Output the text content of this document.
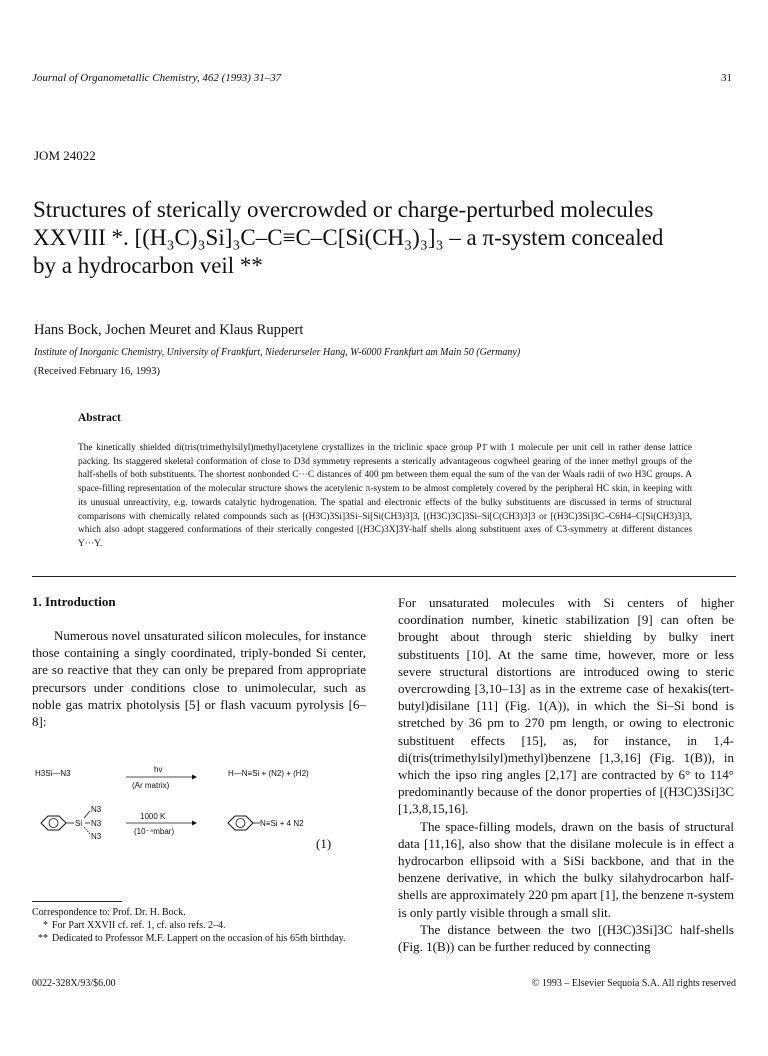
Journal of Organometallic Chemistry, 462 (1993) 31–37	31
JOM 24022
Structures of sterically overcrowded or charge-perturbed molecules
XXVIII *. [(H₃C)₃Si]₃C–C≡C–C[Si(CH₃)₃]₃ – a π-system concealed
by a hydrocarbon veil **
Hans Bock, Jochen Meuret and Klaus Ruppert
Institute of Inorganic Chemistry, University of Frankfurt, Niederurseler Hang, W-6000 Frankfurt am Main 50 (Germany)
(Received February 16, 1993)
Abstract
The kinetically shielded di(tris(trimethylsilyl)methyl)acetylene crystallizes in the triclinic space group P1̄ with 1 molecule per unit cell in rather dense lattice packing. Its staggered skeletal conformation of close to D3d symmetry represents a sterically advantageous cogwheel gearing of the inner methyl groups of the half-shells of both substituents. The shortest nonbonded C···C distances of 400 pm between them equal the sum of the van der Waals radii of two H3C groups. A space-filling representation of the molecular structure shows the acetylenic π-system to be almost completely covered by the peripheral HC skin, in keeping with its unusual unreactivity, e.g. towards catalytic hydrogenation. The spatial and electronic effects of the bulky substituents are discussed in terms of structural comparisons with chemically related compounds such as [(H3C)3Si]3Si–Si[Si(CH3)3]3, [(H3C)3C]3Si–Si[C(CH3)3]3 or [(H3C)3Si]3C–C6H4–C[Si(CH3)3]3, which also adopt staggered conformations of their sterically congested [(H3C)3X]3Y-half shells along substituent axes of C3-symmetry at different distances Y···Y.
1. Introduction

Numerous novel unsaturated silicon molecules, for instance those containing a singly coordinated, triply-bonded Si center, are so reactive that they can only be prepared from appropriate precursors under conditions close to unimolecular, such as noble gas matrix photolysis [5] or flash vacuum pyrolysis [6–8]:

H3Si—N3	hν
(Ar matrix)
H—N≡Si + (N2) + (H2)
Si
N3
N3
N3
1000 K
(10⁻⁴mbar)
N≡Si + 4 N2
(1)
Correspondence to: Prof. Dr. H. Bock.
* For Part XXVII cf. ref. 1, cf. also refs. 2–4.
** Dedicated to Professor M.F. Lappert on the occasion of his 65th birthday.

For unsaturated molecules with Si centers of higher coordination number, kinetic stabilization [9] can often be brought about through steric shielding by bulky inert substituents [10]. At the same time, however, more or less severe structural distortions are introduced owing to steric overcrowding [3,10–13] as in the extreme case of hexakis(tert-butyl)disilane [11] (Fig. 1(A)), in which the Si–Si bond is stretched by 36 pm to 270 pm length, or owing to electronic substituent effects [15], as, for instance, in 1,4-di(tris(trimethylsilyl)methyl)benzene [1,3,16] (Fig. 1(B)), in which the ipso ring angles [2,17] are contracted by 6° to 114° predominantly because of the donor properties of [(H3C)3Si]3C [1,3,8,15,16].

The space-filling models, drawn on the basis of structural data [11,16], also show that the disilane molecule is in effect a hydrocarbon ellipsoid with a SiSi backbone, and that in the benzene derivative, in which the bulky silahydrocarbon half-shells are approximately 220 pm apart [1], the benzene π-system is only partly visible through a small slit.

The distance between the two [(H3C)3Si]3C half-shells (Fig. 1(B)) can be further reduced by connecting

0022-328X/93/$6.00	© 1993 – Elsevier Sequoia S.A. All rights reserved
